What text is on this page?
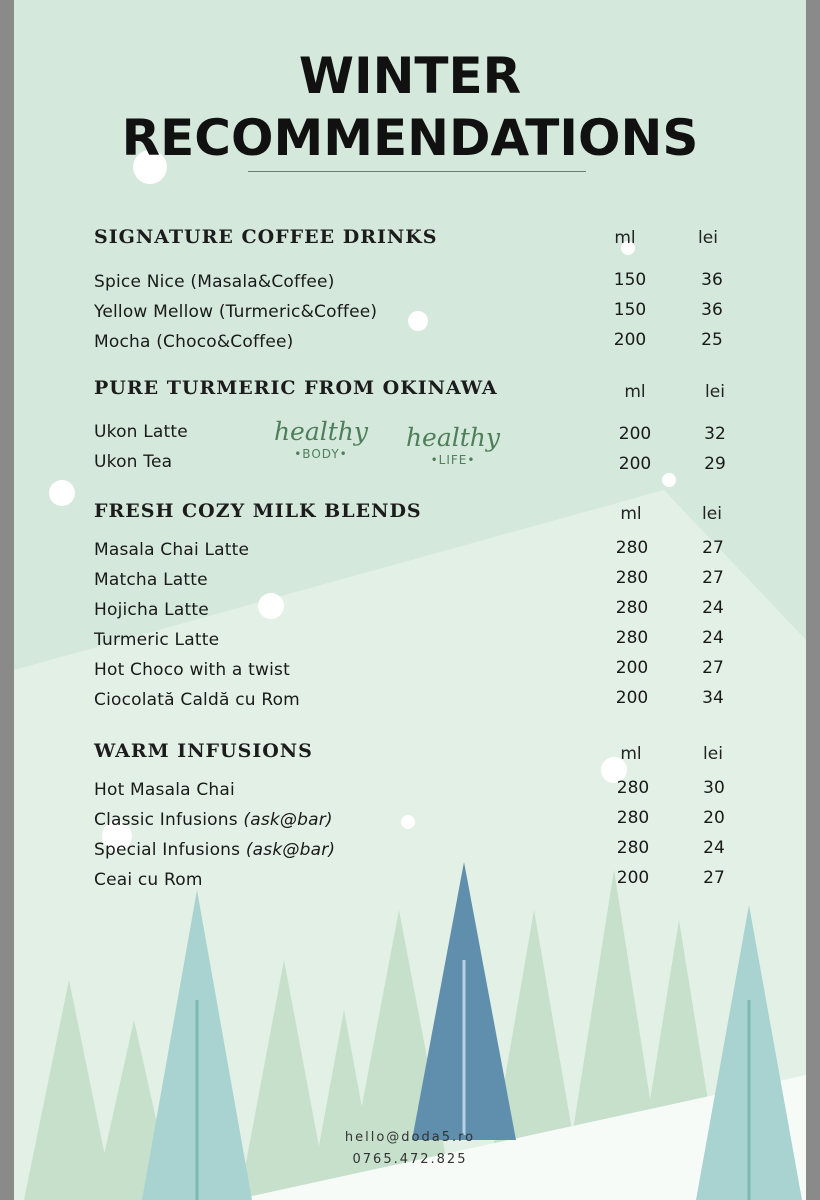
WINTER
RECOMMENDATIONS
SIGNATURE COFFEE DRINKS	ml	lei
Spice Nice (Masala&Coffee)	150	36
Yellow Mellow (Turmeric&Coffee)	150	36
Mocha (Choco&Coffee)	200	25
PURE TURMERIC FROM OKINAWA	ml	lei
Ukon Latte	200	32
Ukon Tea	200	29
healthy
•BODY•
healthy
•LIFE•
FRESH COZY MILK BLENDS	ml	lei
Masala Chai Latte	280	27
Matcha Latte	280	27
Hojicha Latte	280	24
Turmeric Latte	280	24
Hot Choco with a twist	200	27
Ciocolată Caldă cu Rom	200	34
WARM INFUSIONS	ml	lei
Hot Masala Chai	280	30
Classic Infusions (ask@bar)	280	20
Special Infusions (ask@bar)	280	24
Ceai cu Rom	200	27
hello@doda5.ro
0765.472.825
